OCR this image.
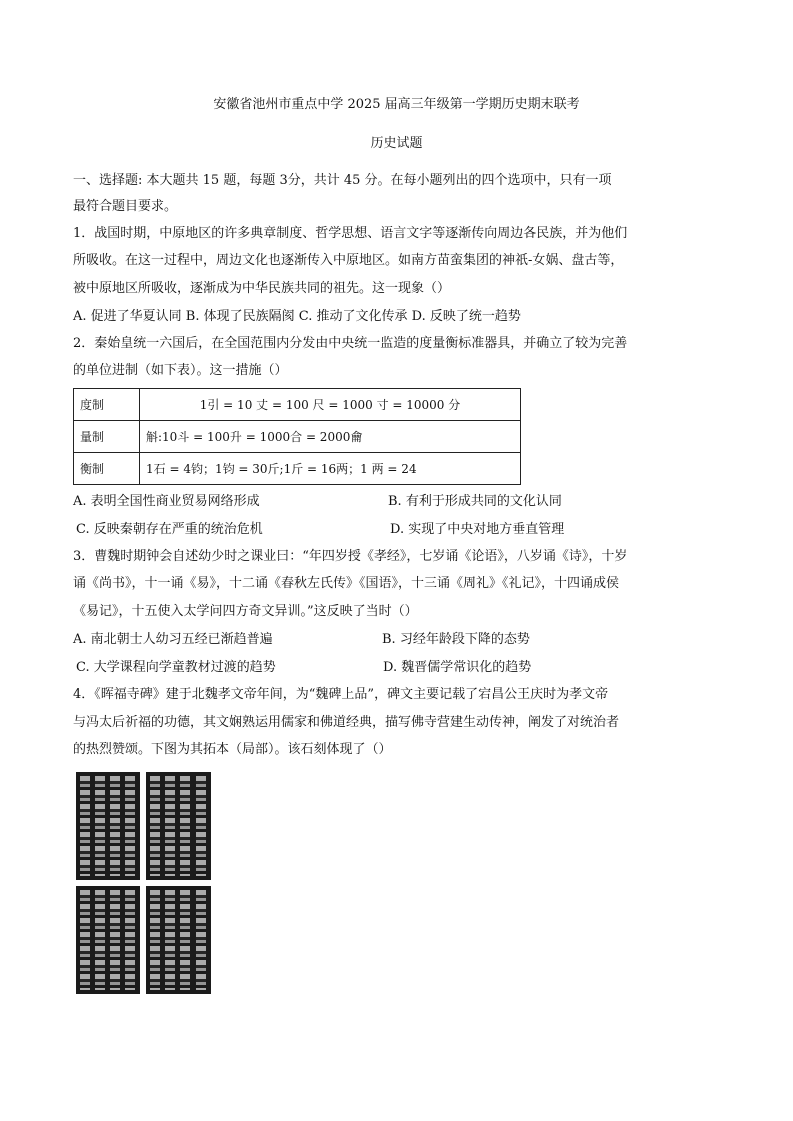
安徽省池州市重点中学 2025 届高三年级第一学期历史期末联考
历史试题
一、选择题: 本大题共 15 题，每题 3分，共计 45 分。在每小题列出的四个选项中，只有一项
最符合题目要求。
1．战国时期，中原地区的许多典章制度、哲学思想、语言文字等逐渐传向周边各民族，并为他们
所吸收。在这一过程中，周边文化也逐渐传入中原地区。如南方苗蛮集团的神祇-女娲、盘古等，
被中原地区所吸收，逐渐成为中华民族共同的祖先。这一现象（）
A. 促进了华夏认同 B. 体现了民族隔阂 C. 推动了文化传承 D. 反映了统一趋势
2．秦始皇统一六国后，在全国范围内分发由中央统一监造的度量衡标准器具，并确立了较为完善
的单位进制（如下表）。这一措施（）
度制	1引 = 10 丈 = 100 尺 = 1000 寸 = 10000 分
量制	斛:10斗 = 100升 = 1000合 = 2000龠
衡制	1石 = 4钧；1钧 = 30斤;1斤 = 16两；1 两 = 24
A. 表明全国性商业贸易网络形成	B. 有利于形成共同的文化认同
C. 反映秦朝存在严重的统治危机	D. 实现了中央对地方垂直管理
3．曹魏时期钟会自述幼少时之课业曰：“年四岁授《孝经》，七岁诵《论语》，八岁诵《诗》，十岁
诵《尚书》，十一诵《易》，十二诵《春秋左氏传》《国语》，十三诵《周礼》《礼记》，十四诵成侯
《易记》，十五使入太学问四方奇文异训。”这反映了当时（）
A. 南北朝士人幼习五经已渐趋普遍	B. 习经年龄段下降的态势
C. 大学课程向学童教材过渡的趋势	D. 魏晋儒学常识化的趋势
4．《晖福寺碑》建于北魏孝文帝年间，为“魏碑上品”，碑文主要记载了宕昌公王庆时为孝文帝
与冯太后祈福的功德，其文娴熟运用儒家和佛道经典，描写佛寺营建生动传神，阐发了对统治者
的热烈赞颂。下图为其拓本（局部）。该石刻体现了（）
